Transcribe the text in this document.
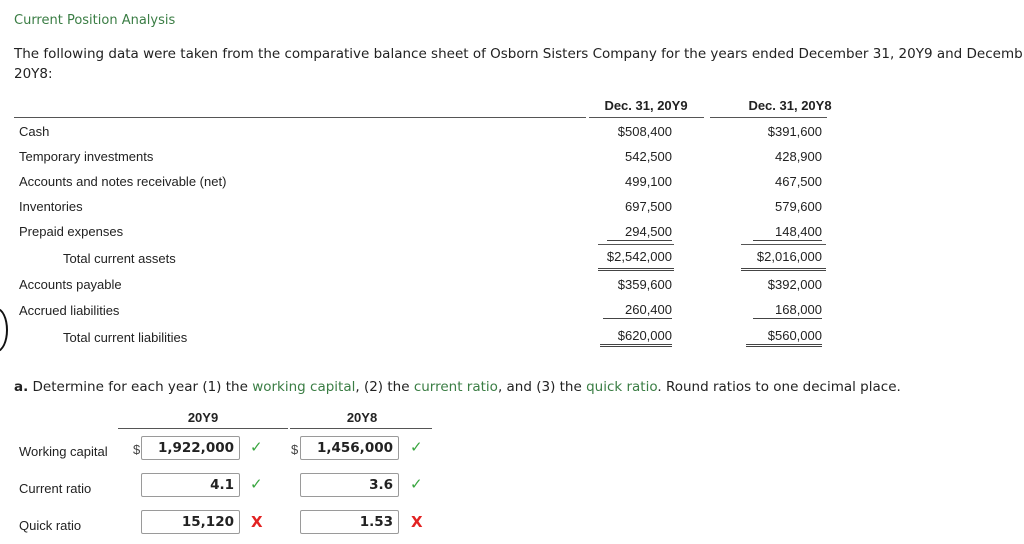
Current Position Analysis
The following data were taken from the comparative balance sheet of Osborn Sisters Company for the years ended December 31, 20Y9 and Decemb
20Y8:
Dec. 31, 20Y9	Dec. 31, 20Y8
Cash	$508,400	$391,600
Temporary investments	542,500	428,900
Accounts and notes receivable (net)	499,100	467,500
Inventories	697,500	579,600
Prepaid expenses	294,500	148,400
Total current assets	$2,542,000	$2,016,000
Accounts payable	$359,600	$392,000
Accrued liabilities	260,400	168,000
Total current liabilities	$620,000	$560,000
a. Determine for each year (1) the working capital, (2) the current ratio, and (3) the quick ratio. Round ratios to one decimal place.
20Y9	20Y8
Working capital $	1,922,000	✓ $	1,456,000	✓
Current ratio	4.1	✓	3.6	✓
Quick ratio	15,120	X	1.53	X
